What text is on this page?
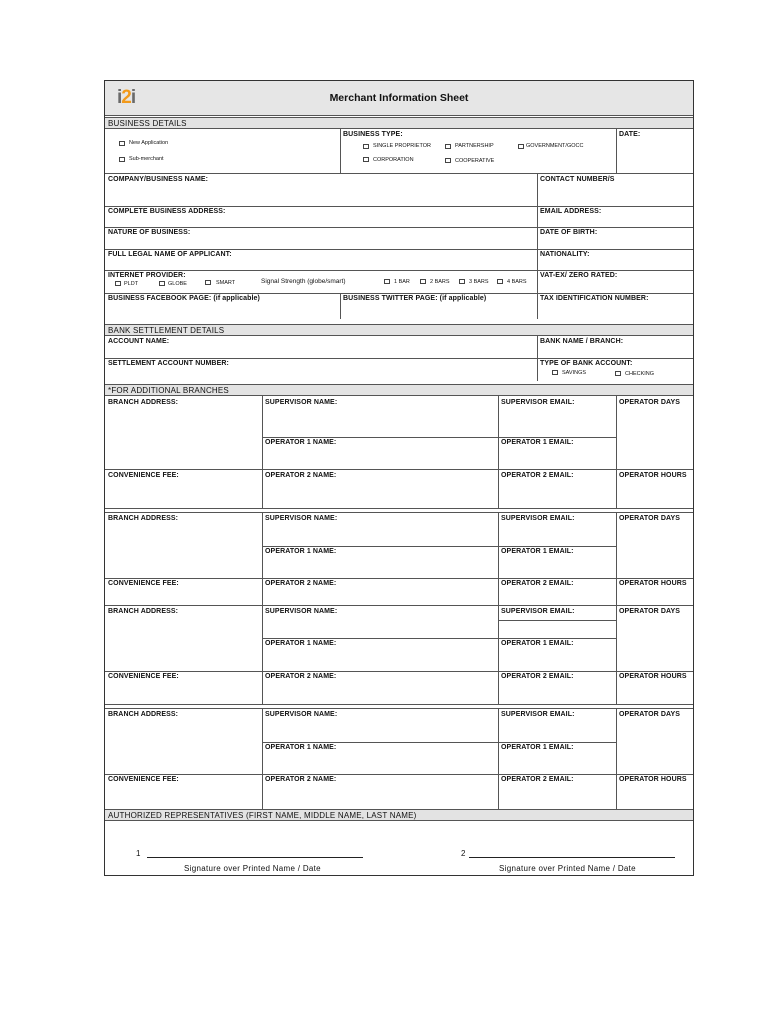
i2i	Merchant Information Sheet
BUSINESS DETAILS
New Application
Sub-merchant
BUSINESS TYPE:
SINGLE PROPRIETOR	PARTNERSHIP	GOVERNMENT/GOCC
CORPORATION	COOPERATIVE
DATE:
COMPANY/BUSINESS NAME:	CONTACT NUMBER/S
COMPLETE BUSINESS ADDRESS:	EMAIL ADDRESS:
NATURE OF BUSINESS:	DATE OF BIRTH:
FULL LEGAL NAME OF APPLICANT:	NATIONALITY:
INTERNET PROVIDER:
PLDT	GLOBE	SMART	Signal Strength (globe/smart)	1 BAR	2 BARS	3 BARS	4 BARS
VAT-EX/ ZERO RATED:
BUSINESS FACEBOOK PAGE: (if applicable)	BUSINESS TWITTER PAGE: (if applicable)	TAX IDENTIFICATION NUMBER:
BANK SETTLEMENT DETAILS
ACCOUNT NAME:	BANK NAME / BRANCH:
SETTLEMENT ACCOUNT NUMBER:	TYPE OF BANK ACCOUNT:
SAVINGS	CHECKING
*FOR ADDITIONAL BRANCHES
BRANCH ADDRESS:	SUPERVISOR NAME:	SUPERVISOR EMAIL:	OPERATOR DAYS
OPERATOR 1 NAME:	OPERATOR 1 EMAIL:
CONVENIENCE FEE:	OPERATOR 2 NAME:	OPERATOR 2 EMAIL:	OPERATOR HOURS
BRANCH ADDRESS:	SUPERVISOR NAME:	SUPERVISOR EMAIL:	OPERATOR DAYS
OPERATOR 1 NAME:	OPERATOR 1 EMAIL:
CONVENIENCE FEE:	OPERATOR 2 NAME:	OPERATOR 2 EMAIL:	OPERATOR HOURS
BRANCH ADDRESS:	SUPERVISOR NAME:	SUPERVISOR EMAIL:	OPERATOR DAYS
OPERATOR 1 NAME:	OPERATOR 1 EMAIL:
CONVENIENCE FEE:	OPERATOR 2 NAME:	OPERATOR 2 EMAIL:	OPERATOR HOURS
BRANCH ADDRESS:	SUPERVISOR NAME:	SUPERVISOR EMAIL:	OPERATOR DAYS
OPERATOR 1 NAME:	OPERATOR 1 EMAIL:
CONVENIENCE FEE:	OPERATOR 2 NAME:	OPERATOR 2 EMAIL:	OPERATOR HOURS
AUTHORIZED REPRESENTATIVES (FIRST NAME, MIDDLE NAME, LAST NAME)
1
Signature over Printed Name / Date
2
Signature over Printed Name / Date
